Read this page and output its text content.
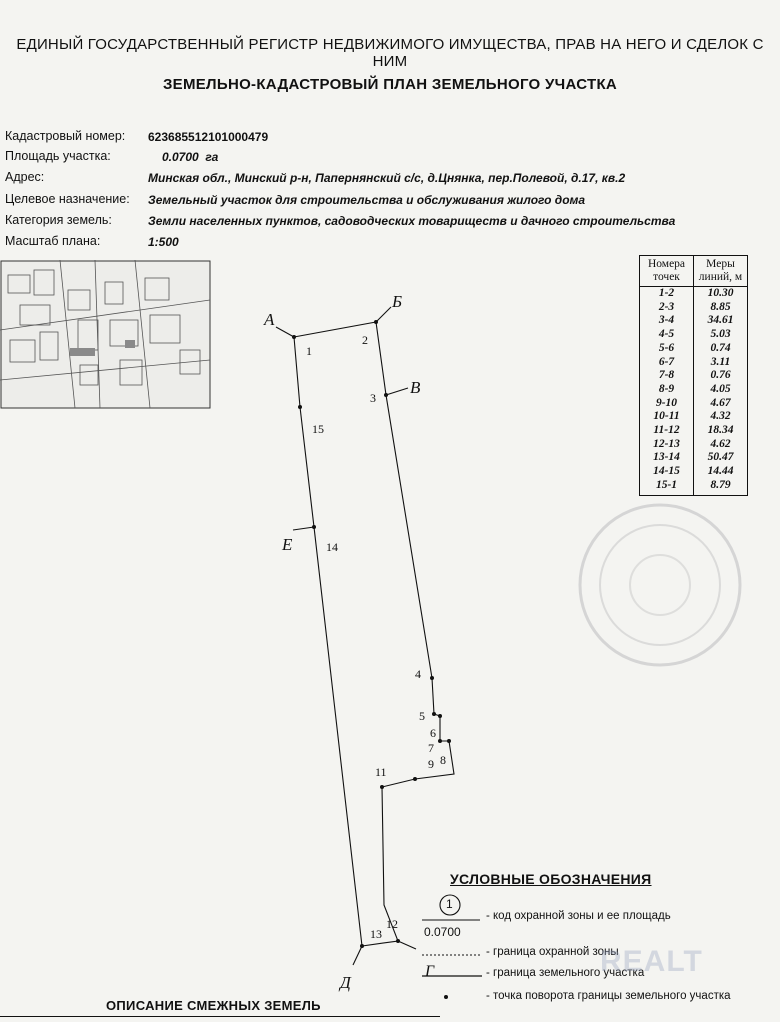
ЕДИНЫЙ ГОСУДАРСТВЕННЫЙ РЕГИСТР НЕДВИЖИМОГО ИМУЩЕСТВА, ПРАВ НА НЕГО И СДЕЛОК С НИМ
ЗЕМЕЛЬНО-КАДАСТРОВЫЙ ПЛАН ЗЕМЕЛЬНОГО УЧАСТКА
Кадастровый номер: 623685512101000479
Площадь участка:	0.0700  га
Адрес:	Минская обл., Минский р-н, Папернянский с/с, д.Цнянка, пер.Полевой, д.17, кв.2
Целевое назначение: Земельный участок для строительства и обслуживания жилого дома
Категория земель:	Земли населенных пунктов, садоводческих товариществ и дачного строительства
Масштаб плана:	1:500
А
Б
В
Е
Д
1
2
3
4
5
6
7
8
9
11
12
13
14
15
Номера точек	Меры линий, м
1-2	10.30
2-3	8.85
3-4	34.61
4-5	5.03
5-6	0.74
6-7	3.11
7-8	0.76
8-9	4.05
9-10	4.67
10-11	4.32
11-12	18.34
12-13	4.62
13-14	50.47
14-15	14.44
15-1	8.79
УСЛОВНЫЕ ОБОЗНАЧЕНИЯ
1
0.0700
Г
- код охранной зоны и ее площадь
- граница охранной зоны
- граница земельного участка
- точка поворота границы земельного участка
ОПИСАНИЕ СМЕЖНЫХ ЗЕМЕЛЬ
REALT
